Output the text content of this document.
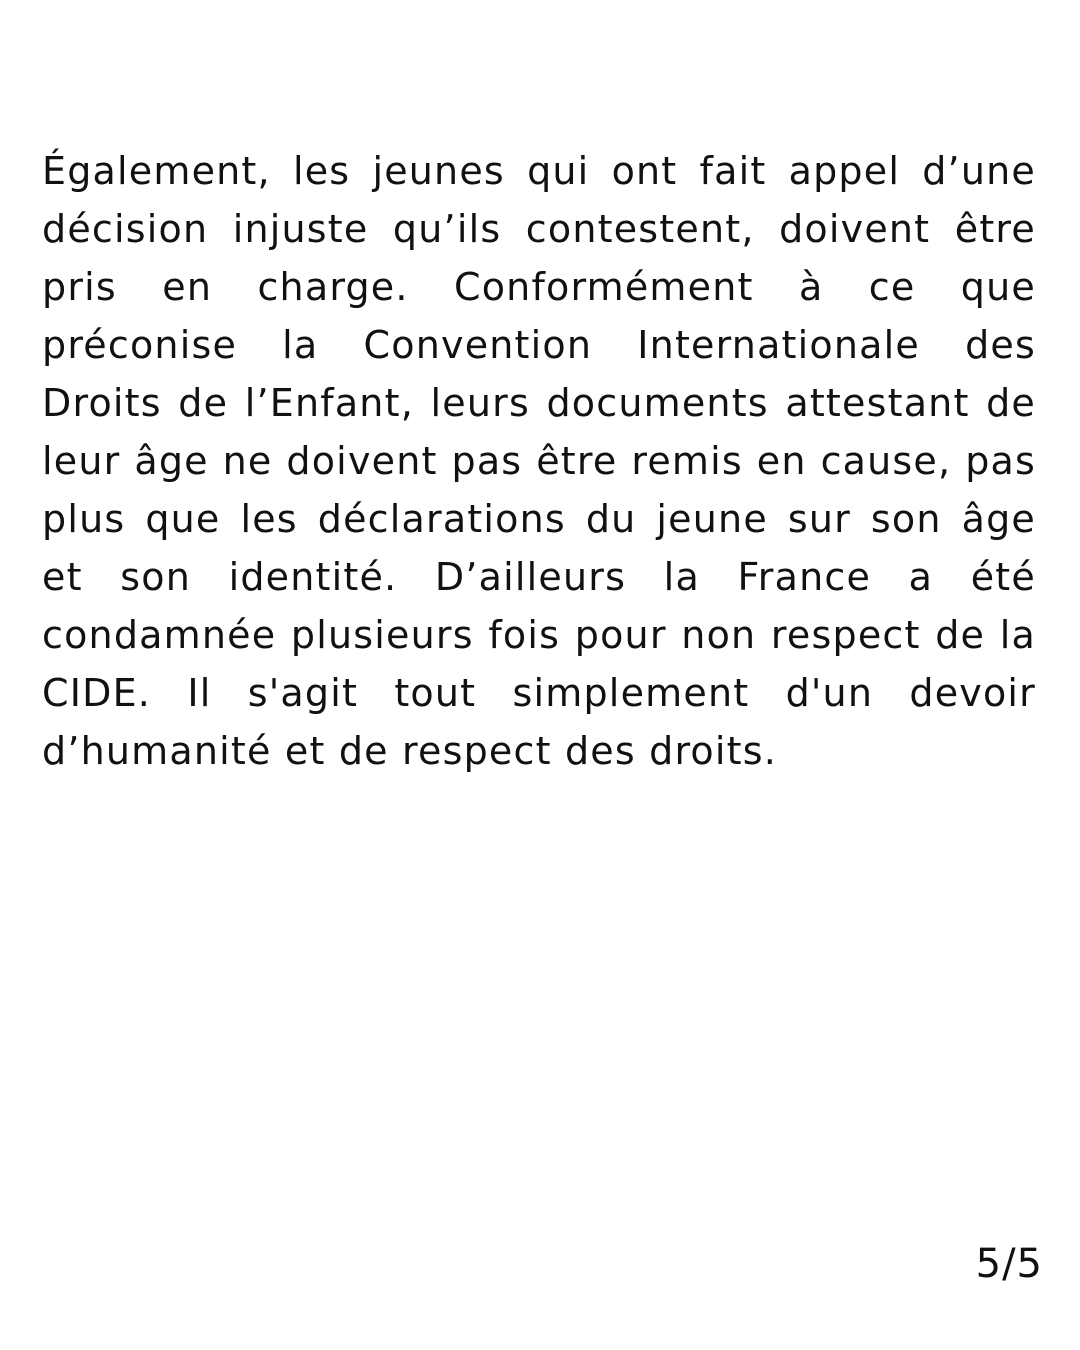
Également, les jeunes qui ont fait appel d’une décision injuste qu’ils contestent, doivent être pris en charge. Conformément à ce que préconise la Convention Internationale des Droits de l’Enfant, leurs documents attestant de leur âge ne doivent pas être remis en cause, pas plus que les déclarations du jeune sur son âge et son identité. D’ailleurs la France a été condamnée plusieurs fois pour non respect de la CIDE. Il s'agit tout simplement d'un devoir d’humanité et de respect des droits.

5/5
